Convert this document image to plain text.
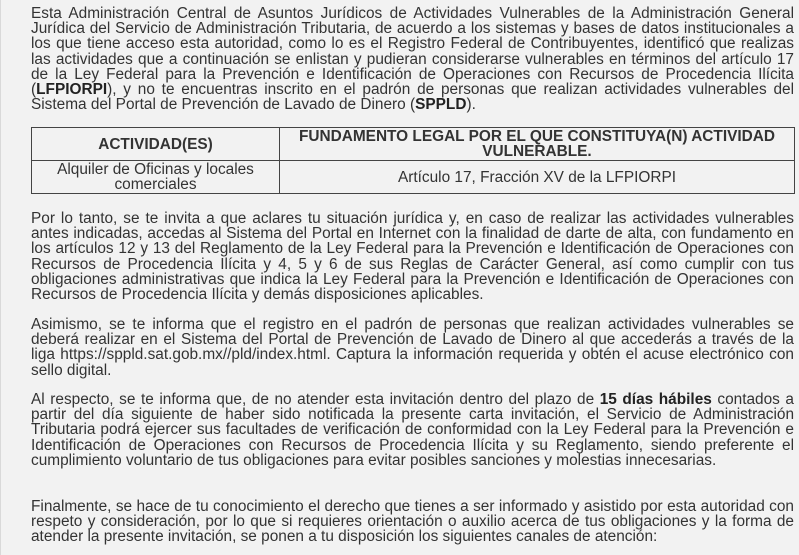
Esta Administración Central de Asuntos Jurídicos de Actividades Vulnerables de la Administración General Jurídica del Servicio de Administración Tributaria, de acuerdo a los sistemas y bases de datos institucionales a los que tiene acceso esta autoridad, como lo es el Registro Federal de Contribuyentes, identificó que realizas las actividades que a continuación se enlistan y pudieran considerarse vulnerables en términos del artículo 17 de la Ley Federal para la Prevención e Identificación de Operaciones con Recursos de Procedencia Ilícita (LFPIORPI), y no te encuentras inscrito en el padrón de personas que realizan actividades vulnerables del Sistema del Portal de Prevención de Lavado de Dinero (SPPLD).

ACTIVIDAD(ES)	FUNDAMENTO LEGAL POR EL QUE CONSTITUYA(N) ACTIVIDAD VULNERABLE.
Alquiler de Oficinas y locales comerciales	Artículo 17, Fracción XV de la LFPIORPI

Por lo tanto, se te invita a que aclares tu situación jurídica y, en caso de realizar las actividades vulnerables antes indicadas, accedas al Sistema del Portal en Internet con la finalidad de darte de alta, con fundamento en los artículos 12 y 13 del Reglamento de la Ley Federal para la Prevención e Identificación de Operaciones con Recursos de Procedencia Ilícita y 4, 5 y 6 de sus Reglas de Carácter General, así como cumplir con tus obligaciones administrativas que indica la Ley Federal para la Prevención e Identificación de Operaciones con Recursos de Procedencia Ilícita y demás disposiciones aplicables.

Asimismo, se te informa que el registro en el padrón de personas que realizan actividades vulnerables se deberá realizar en el Sistema del Portal de Prevención de Lavado de Dinero al que accederás a través de la liga https://sppld.sat.gob.mx//pld/index.html. Captura la información requerida y obtén el acuse electrónico con sello digital.

Al respecto, se te informa que, de no atender esta invitación dentro del plazo de 15 días hábiles contados a partir del día siguiente de haber sido notificada la presente carta invitación, el Servicio de Administración Tributaria podrá ejercer sus facultades de verificación de conformidad con la Ley Federal para la Prevención e Identificación de Operaciones con Recursos de Procedencia Ilícita y su Reglamento, siendo preferente el cumplimiento voluntario de tus obligaciones para evitar posibles sanciones y molestias innecesarias.

Finalmente, se hace de tu conocimiento el derecho que tienes a ser informado y asistido por esta autoridad con respeto y consideración, por lo que si requieres orientación o auxilio acerca de tus obligaciones y la forma de atender la presente invitación, se ponen a tu disposición los siguientes canales de atención:
